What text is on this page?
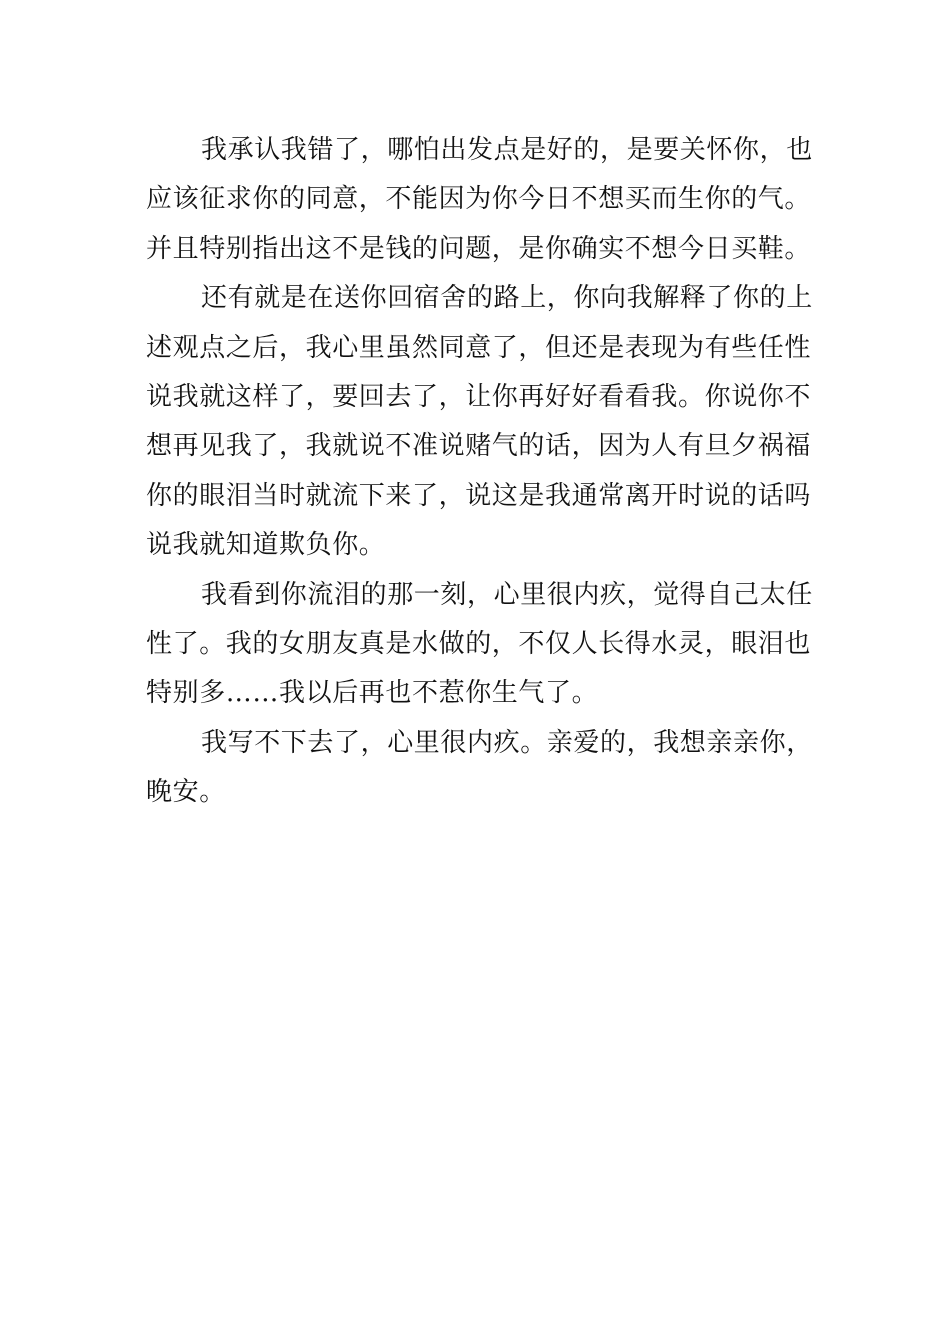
我承认我错了，哪怕出发点是好的，是要关怀你，也
应该征求你的同意，不能因为你今日不想买而生你的气。
并且特别指出这不是钱的问题，是你确实不想今日买鞋。
还有就是在送你回宿舍的路上，你向我解释了你的上
述观点之后，我心里虽然同意了，但还是表现为有些任性
说我就这样了，要回去了，让你再好好看看我。你说你不
想再见我了，我就说不准说赌气的话，因为人有旦夕祸福
你的眼泪当时就流下来了，说这是我通常离开时说的话吗
说我就知道欺负你。
我看到你流泪的那一刻，心里很内疚，觉得自己太任
性了。我的女朋友真是水做的，不仅人长得水灵，眼泪也
特别多……我以后再也不惹你生气了。
我写不下去了，心里很内疚。亲爱的，我想亲亲你，
晚安。
